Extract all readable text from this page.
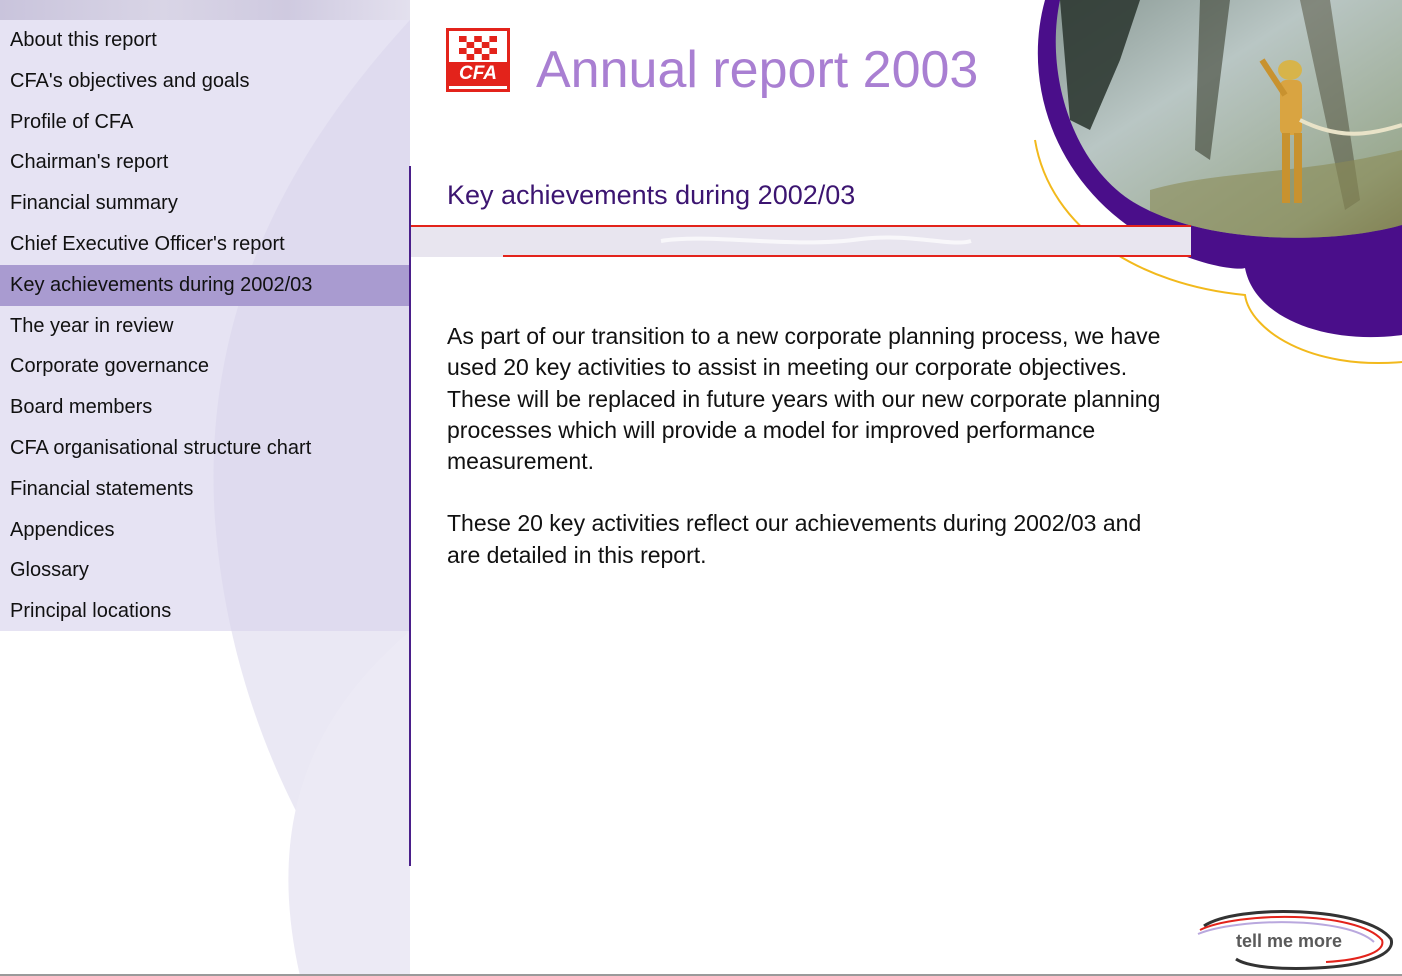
About this report
CFA's objectives and goals
Profile of CFA
Chairman's report
Financial summary
Chief Executive Officer's report
Key achievements during 2002/03
The year in review
Corporate governance
Board members
CFA organisational structure chart
Financial statements
Appendices
Glossary
Principal locations
CFA Annual report 2003
Key achievements during 2002/03

As part of our transition to a new corporate planning process, we have used 20 key activities to assist in meeting our corporate objectives. These will be replaced in future years with our new corporate planning processes which will provide a model for improved performance measurement.

These 20 key activities reflect our achievements during 2002/03 and are detailed in this report.

tell me more
